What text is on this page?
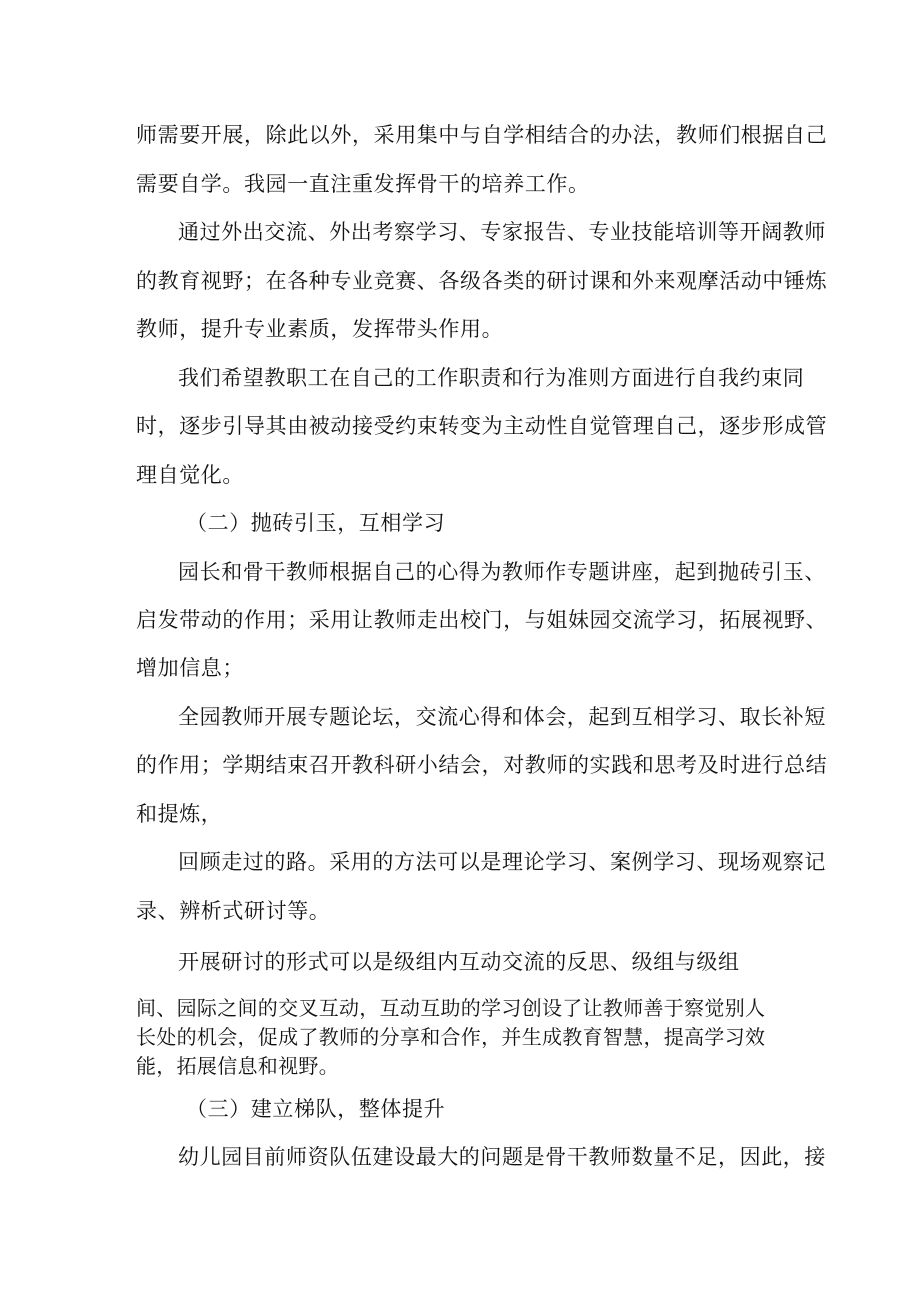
师需要开展，除此以外，采用集中与自学相结合的办法，教师们根据自己
需要自学。我园一直注重发挥骨干的培养工作。
通过外出交流、外出考察学习、专家报告、专业技能培训等开阔教师
的教育视野；在各种专业竞赛、各级各类的研讨课和外来观摩活动中锤炼
教师，提升专业素质，发挥带头作用。
我们希望教职工在自己的工作职责和行为准则方面进行自我约束同
时，逐步引导其由被动接受约束转变为主动性自觉管理自己，逐步形成管
理自觉化。
（二）抛砖引玉，互相学习
园长和骨干教师根据自己的心得为教师作专题讲座，起到抛砖引玉、
启发带动的作用；采用让教师走出校门，与姐妹园交流学习，拓展视野、
增加信息；
全园教师开展专题论坛，交流心得和体会，起到互相学习、取长补短
的作用；学期结束召开教科研小结会，对教师的实践和思考及时进行总结
和提炼，
回顾走过的路。采用的方法可以是理论学习、案例学习、现场观察记
录、辨析式研讨等。
开展研讨的形式可以是级组内互动交流的反思、级组与级组
间、园际之间的交叉互动，互动互助的学习创设了让教师善于察觉别人
长处的机会，促成了教师的分享和合作，并生成教育智慧，提高学习效
能，拓展信息和视野。
（三）建立梯队，整体提升
幼儿园目前师资队伍建设最大的问题是骨干教师数量不足，因此，接
